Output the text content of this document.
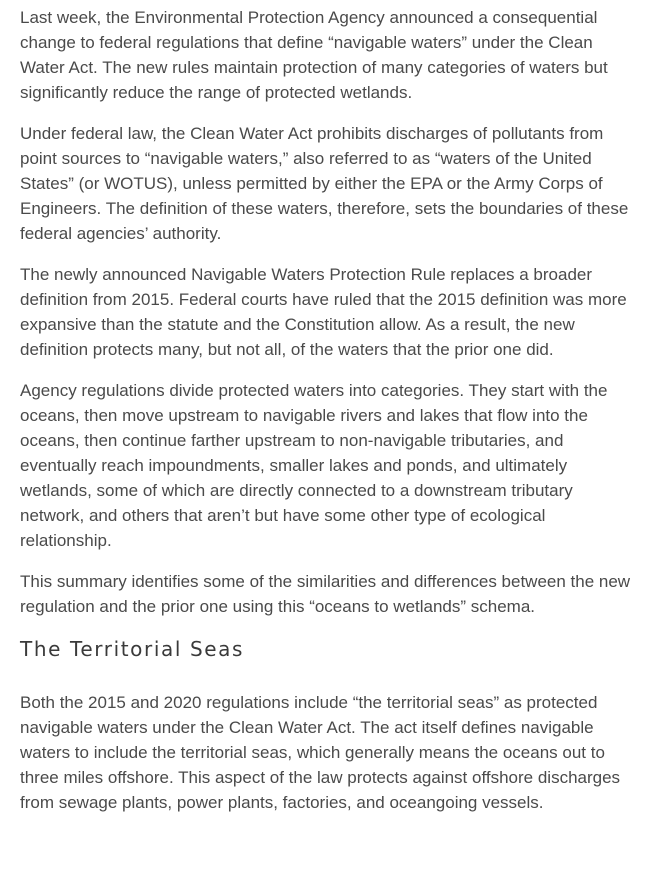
Last week, the Environmental Protection Agency announced a consequential change to federal regulations that define “navigable waters” under the Clean Water Act. The new rules maintain protection of many categories of waters but significantly reduce the range of protected wetlands.

Under federal law, the Clean Water Act prohibits discharges of pollutants from point sources to “navigable waters,” also referred to as “waters of the United States” (or WOTUS), unless permitted by either the EPA or the Army Corps of Engineers. The definition of these waters, therefore, sets the boundaries of these federal agencies’ authority.

The newly announced Navigable Waters Protection Rule replaces a broader definition from 2015. Federal courts have ruled that the 2015 definition was more expansive than the statute and the Constitution allow. As a result, the new definition protects many, but not all, of the waters that the prior one did.

Agency regulations divide protected waters into categories. They start with the oceans, then move upstream to navigable rivers and lakes that flow into the oceans, then continue farther upstream to non-navigable tributaries, and eventually reach impoundments, smaller lakes and ponds, and ultimately wetlands, some of which are directly connected to a downstream tributary network, and others that aren’t but have some other type of ecological relationship.

This summary identifies some of the similarities and differences between the new regulation and the prior one using this “oceans to wetlands” schema.

The Territorial Seas

Both the 2015 and 2020 regulations include “the territorial seas” as protected navigable waters under the Clean Water Act. The act itself defines navigable waters to include the territorial seas, which generally means the oceans out to three miles offshore. This aspect of the law protects against offshore discharges from sewage plants, power plants, factories, and oceangoing vessels.
